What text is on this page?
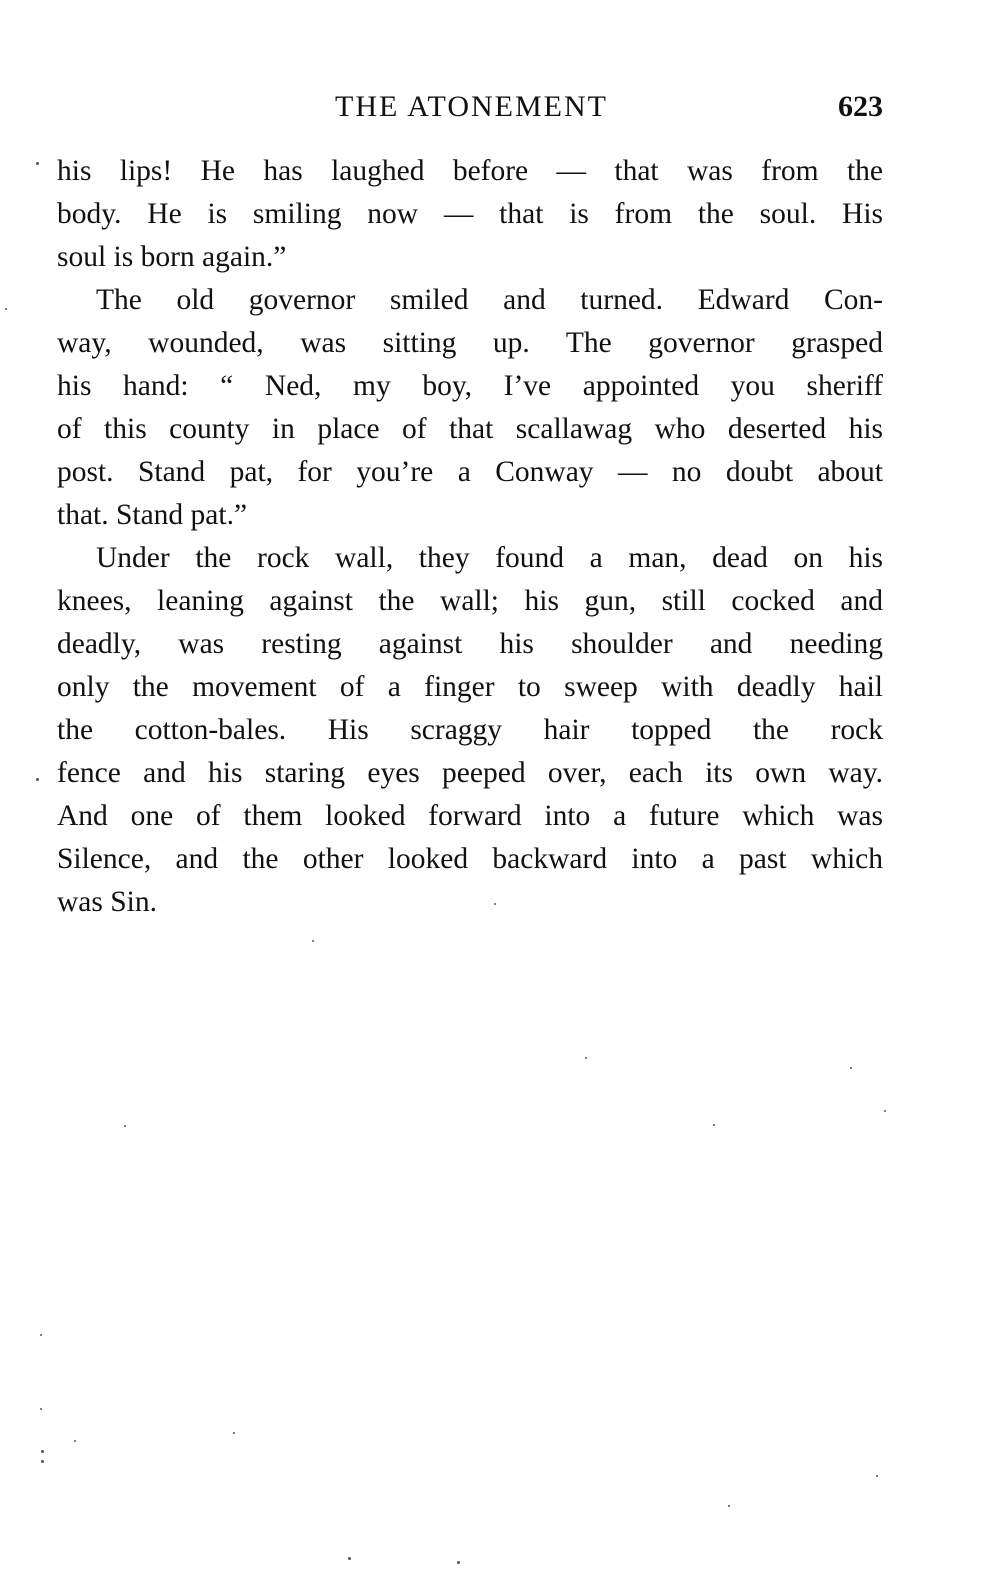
THE ATONEMENT	623
his lips! He has laughed before — that was from the
body. He is smiling now — that is from the soul. His
soul is born again.”
The old governor smiled and turned. Edward Con-
way, wounded, was sitting up. The governor grasped
his hand: “ Ned, my boy, I’ve appointed you sheriff
of this county in place of that scallawag who deserted his
post. Stand pat, for you’re a Conway — no doubt about
that. Stand pat.”
Under the rock wall, they found a man, dead on his
knees, leaning against the wall; his gun, still cocked and
deadly, was resting against his shoulder and needing
only the movement of a finger to sweep with deadly hail
the cotton-bales. His scraggy hair topped the rock
fence and his staring eyes peeped over, each its own way.
And one of them looked forward into a future which was
Silence, and the other looked backward into a past which
was Sin.
